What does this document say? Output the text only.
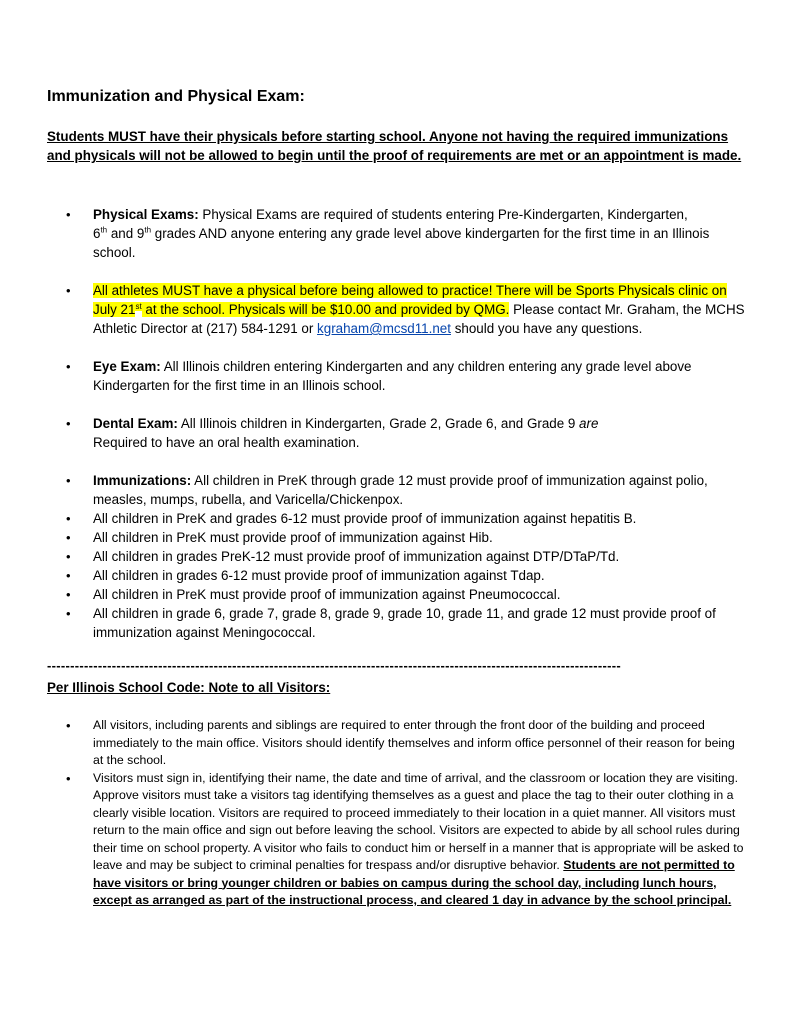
Immunization and Physical Exam:
Students MUST have their physicals before starting school. Anyone not having the required immunizations and physicals will not be allowed to begin until the proof of requirements are met or an appointment is made.
• Physical Exams: Physical Exams are required of students entering Pre-Kindergarten, Kindergarten,
6th and 9th grades AND anyone entering any grade level above kindergarten for the first time in an Illinois school.
• All athletes MUST have a physical before being allowed to practice! There will be Sports Physicals clinic on July 21st at the school. Physicals will be $10.00 and provided by QMG. Please contact Mr. Graham, the MCHS Athletic Director at (217) 584-1291 or kgraham@mcsd11.net should you have any questions.
• Eye Exam: All Illinois children entering Kindergarten and any children entering any grade level above Kindergarten for the first time in an Illinois school.
• Dental Exam: All Illinois children in Kindergarten, Grade 2, Grade 6, and Grade 9 are
Required to have an oral health examination.
• Immunizations: All children in PreK through grade 12 must provide proof of immunization against polio, measles, mumps, rubella, and Varicella/Chickenpox.
• All children in PreK and grades 6-12 must provide proof of immunization against hepatitis B.
• All children in PreK must provide proof of immunization against Hib.
• All children in grades PreK-12 must provide proof of immunization against DTP/DTaP/Td.
• All children in grades 6-12 must provide proof of immunization against Tdap.
• All children in PreK must provide proof of immunization against Pneumococcal.
• All children in grade 6, grade 7, grade 8, grade 9, grade 10, grade 11, and grade 12 must provide proof of immunization against Meningococcal.
----------------------------------------------------------------------------------------------------------------------------
Per Illinois School Code: Note to all Visitors:
• All visitors, including parents and siblings are required to enter through the front door of the building and proceed immediately to the main office. Visitors should identify themselves and inform office personnel of their reason for being at the school.
• Visitors must sign in, identifying their name, the date and time of arrival, and the classroom or location they are visiting. Approve visitors must take a visitors tag identifying themselves as a guest and place the tag to their outer clothing in a clearly visible location. Visitors are required to proceed immediately to their location in a quiet manner. All visitors must return to the main office and sign out before leaving the school. Visitors are expected to abide by all school rules during their time on school property. A visitor who fails to conduct him or herself in a manner that is appropriate will be asked to leave and may be subject to criminal penalties for trespass and/or disruptive behavior. Students are not permitted to have visitors or bring younger children or babies on campus during the school day, including lunch hours, except as arranged as part of the instructional process, and cleared 1 day in advance by the school principal.
